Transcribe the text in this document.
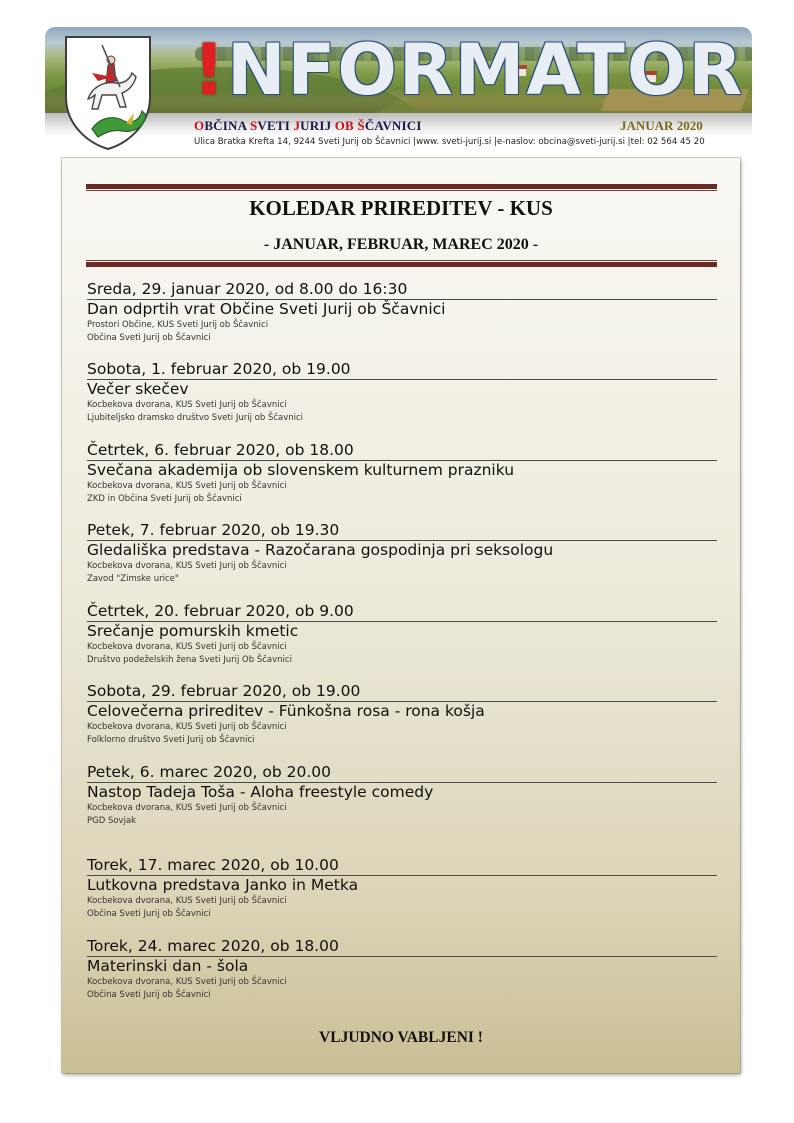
!NFORMATOR
OBČINA SVETI JURIJ OB ŠČAVNICI	JANUAR 2020
Ulica Bratka Krefta 14, 9244 Sveti Jurij ob Ščavnici |www. sveti-jurij.si |e-naslov: obcina@sveti-jurij.si |tel: 02 564 45 20
KOLEDAR PRIREDITEV - KUS
- JANUAR, FEBRUAR, MAREC 2020 -
Sreda, 29. januar 2020, od 8.00 do 16:30
Dan odprtih vrat Občine Sveti Jurij ob Ščavnici
Prostori Občine, KUS Sveti Jurij ob Ščavnici
Občina Sveti Jurij ob Ščavnici
Sobota, 1. februar 2020, ob 19.00
Večer skečev
Kocbekova dvorana, KUS Sveti Jurij ob Ščavnici
Ljubiteljsko dramsko društvo Sveti Jurij ob Ščavnici
Četrtek, 6. februar 2020, ob 18.00
Svečana akademija ob slovenskem kulturnem prazniku
Kocbekova dvorana, KUS Sveti Jurij ob Ščavnici
ZKD in Občina Sveti Jurij ob Ščavnici
Petek, 7. februar 2020, ob 19.30
Gledališka predstava - Razočarana gospodinja pri seksologu
Kocbekova dvorana, KUS Sveti Jurij ob Ščavnici
Zavod "Zimske urice"
Četrtek, 20. februar 2020, ob 9.00
Srečanje pomurskih kmetic
Kocbekova dvorana, KUS Sveti Jurij ob Ščavnici
Društvo podeželskih žena Sveti Jurij Ob Ščavnici
Sobota, 29. februar 2020, ob 19.00
Celovečerna prireditev - Fünkošna rosa - rona košja
Kocbekova dvorana, KUS Sveti Jurij ob Ščavnici
Folklorno društvo Sveti Jurij ob Ščavnici
Petek, 6. marec 2020, ob 20.00
Nastop Tadeja Toša - Aloha freestyle comedy
Kocbekova dvorana, KUS Sveti Jurij ob Ščavnici
PGD Sovjak
Torek, 17. marec 2020, ob 10.00
Lutkovna predstava Janko in Metka
Kocbekova dvorana, KUS Sveti Jurij ob Ščavnici
Občina Sveti Jurij ob Ščavnici
Torek, 24. marec 2020, ob 18.00
Materinski dan - šola
Kocbekova dvorana, KUS Sveti Jurij ob Ščavnici
Občina Sveti Jurij ob Ščavnici
VLJUDNO VABLJENI !
